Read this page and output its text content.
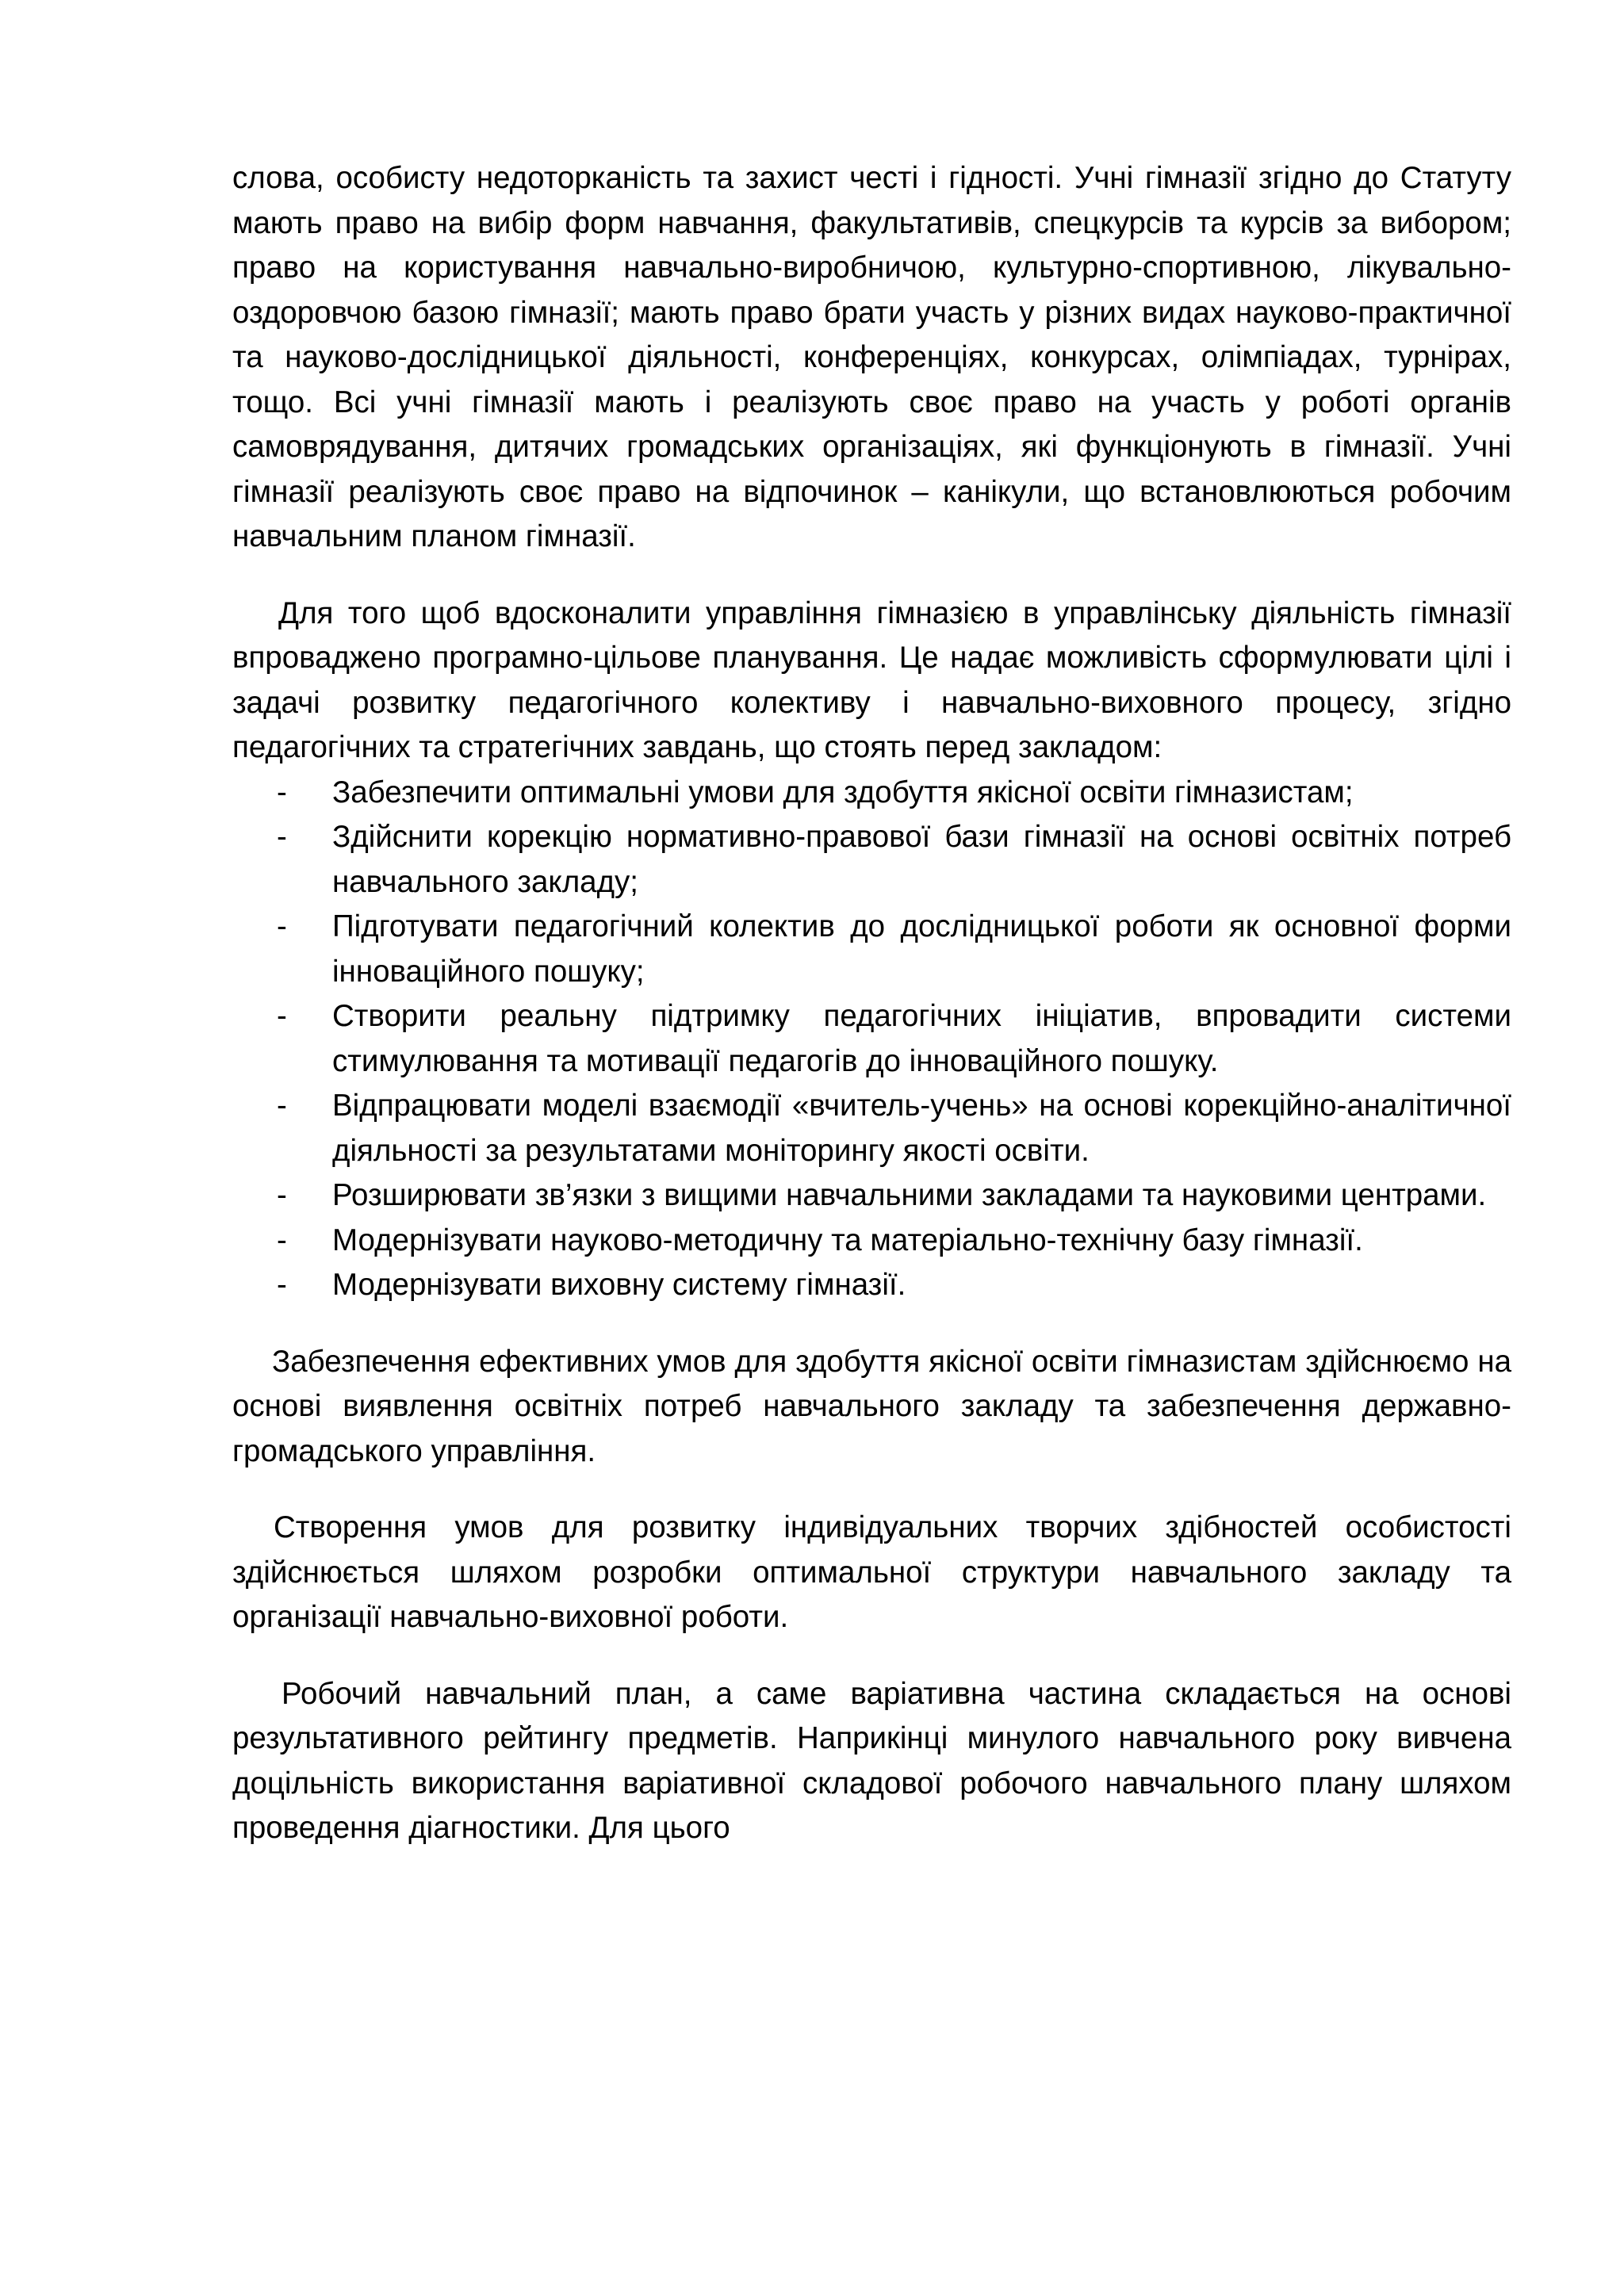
слова, особисту недоторканість та захист честі і гідності. Учні гімназії згідно до Статуту мають право на вибір форм навчання, факультативів, спецкурсів та курсів за вибором; право на користування навчально-виробничою, культурно-спортивною, лікувально-оздоровчою базою гімназії; мають право брати участь у різних видах науково-практичної та науково-дослідницької діяльності, конференціях, конкурсах, олімпіадах, турнірах, тощо. Всі учні гімназії мають і реалізують своє право на участь у роботі органів самоврядування, дитячих громадських організаціях, які функціонують в гімназії. Учні гімназії реалізують своє право на відпочинок – канікули, що встановлюються робочим навчальним планом гімназії.

Для того щоб вдосконалити управління гімназією в управлінську діяльність гімназії впроваджено програмно-цільове планування. Це надає можливість сформулювати цілі і задачі розвитку педагогічного колективу і навчально-виховного процесу, згідно педагогічних та стратегічних завдань, що стоять перед закладом:

- Забезпечити оптимальні умови для здобуття якісної освіти гімназистам;
- Здійснити корекцію нормативно-правової бази гімназії на основі освітніх потреб навчального закладу;
- Підготувати педагогічний колектив до дослідницької роботи як основної форми інноваційного пошуку;
- Створити реальну підтримку педагогічних ініціатив, впровадити системи стимулювання та мотивації педагогів до інноваційного пошуку.
- Відпрацювати моделі взаємодії «вчитель-учень» на основі корекційно-аналітичної діяльності за результатами моніторингу якості освіти.
- Розширювати зв’язки з вищими навчальними закладами та науковими центрами.
- Модернізувати науково-методичну та матеріально-технічну базу гімназії.
- Модернізувати виховну систему гімназії.

Забезпечення ефективних умов для здобуття якісної освіти гімназистам здійснюємо на основі виявлення освітніх потреб навчального закладу та забезпечення державно-громадського управління.

Створення умов для розвитку індивідуальних творчих здібностей особистості здійснюється шляхом розробки оптимальної структури навчального закладу та організації навчально-виховної роботи.

Робочий навчальний план, а саме варіативна частина складається на основі результативного рейтингу предметів. Наприкінці минулого навчального року вивчена доцільність використання варіативної складової робочого навчального плану шляхом проведення діагностики. Для цього
